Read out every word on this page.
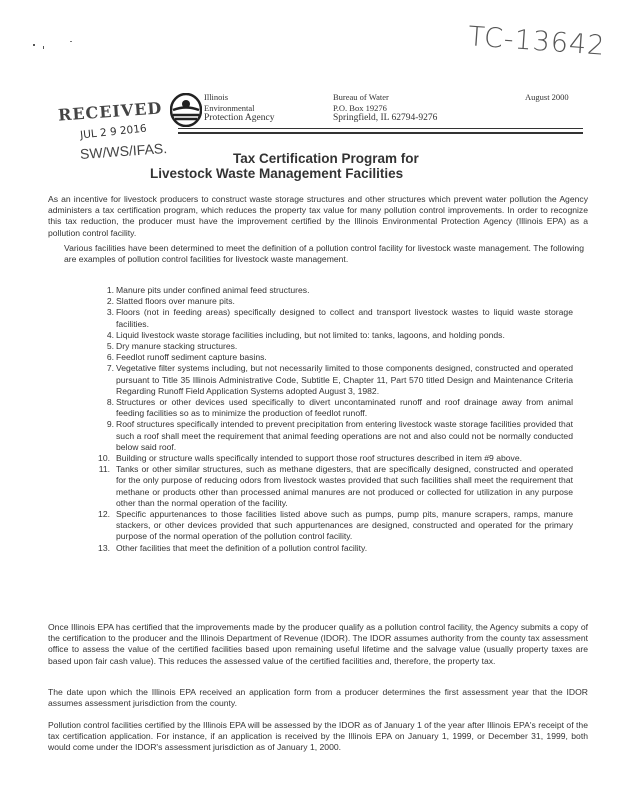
TC-13642
RECEIVED
JUL 2 9 2016
SW/WS/IFAS.
Illinois
Environmental
Protection Agency
Bureau of Water
P.O. Box 19276
Springfield, IL 62794-9276
August 2000
Tax Certification Program for
Livestock Waste Management Facilities
As an incentive for livestock producers to construct waste storage structures and other structures which prevent water pollution the Agency administers a tax certification program, which reduces the property tax value for many pollution control improvements. In order to recognize this tax reduction, the producer must have the improvement certified by the Illinois Environmental Protection Agency (Illinois EPA) as a pollution control facility.
Various facilities have been determined to meet the definition of a pollution control facility for livestock waste management. The following are examples of pollution control facilities for livestock waste management.
1. Manure pits under confined animal feed structures.
2. Slatted floors over manure pits.
3. Floors (not in feeding areas) specifically designed to collect and transport livestock wastes to liquid waste storage facilities.
4. Liquid livestock waste storage facilities including, but not limited to: tanks, lagoons, and holding ponds.
5. Dry manure stacking structures.
6. Feedlot runoff sediment capture basins.
7. Vegetative filter systems including, but not necessarily limited to those components designed, constructed and operated pursuant to Title 35 Illinois Administrative Code, Subtitle E, Chapter 11, Part 570 titled Design and Maintenance Criteria Regarding Runoff Field Application Systems adopted August 3, 1982.
8. Structures or other devices used specifically to divert uncontaminated runoff and roof drainage away from animal feeding facilities so as to minimize the production of feedlot runoff.
9. Roof structures specifically intended to prevent precipitation from entering livestock waste storage facilities provided that such a roof shall meet the requirement that animal feeding operations are not and also could not be normally conducted below said roof.
10. Building or structure walls specifically intended to support those roof structures described in item #9 above.
11. Tanks or other similar structures, such as methane digesters, that are specifically designed, constructed and operated for the only purpose of reducing odors from livestock wastes provided that such facilities shall meet the requirement that methane or products other than processed animal manures are not produced or collected for utilization in any purpose other than the normal operation of the facility.
12. Specific appurtenances to those facilities listed above such as pumps, pump pits, manure scrapers, ramps, manure stackers, or other devices provided that such appurtenances are designed, constructed and operated for the primary purpose of the normal operation of the pollution control facility.
13. Other facilities that meet the definition of a pollution control facility.
Once Illinois EPA has certified that the improvements made by the producer qualify as a pollution control facility, the Agency submits a copy of the certification to the producer and the Illinois Department of Revenue (IDOR). The IDOR assumes authority from the county tax assessment office to assess the value of the certified facilities based upon remaining useful lifetime and the salvage value (usually property taxes are based upon fair cash value). This reduces the assessed value of the certified facilities and, therefore, the property tax.
The date upon which the Illinois EPA received an application form from a producer determines the first assessment year that the IDOR assumes assessment jurisdiction from the county.
Pollution control facilities certified by the Illinois EPA will be assessed by the IDOR as of January 1 of the year after Illinois EPA's receipt of the tax certification application. For instance, if an application is received by the Illinois EPA on January 1, 1999, or December 31, 1999, both would come under the IDOR's assessment jurisdiction as of January 1, 2000.
